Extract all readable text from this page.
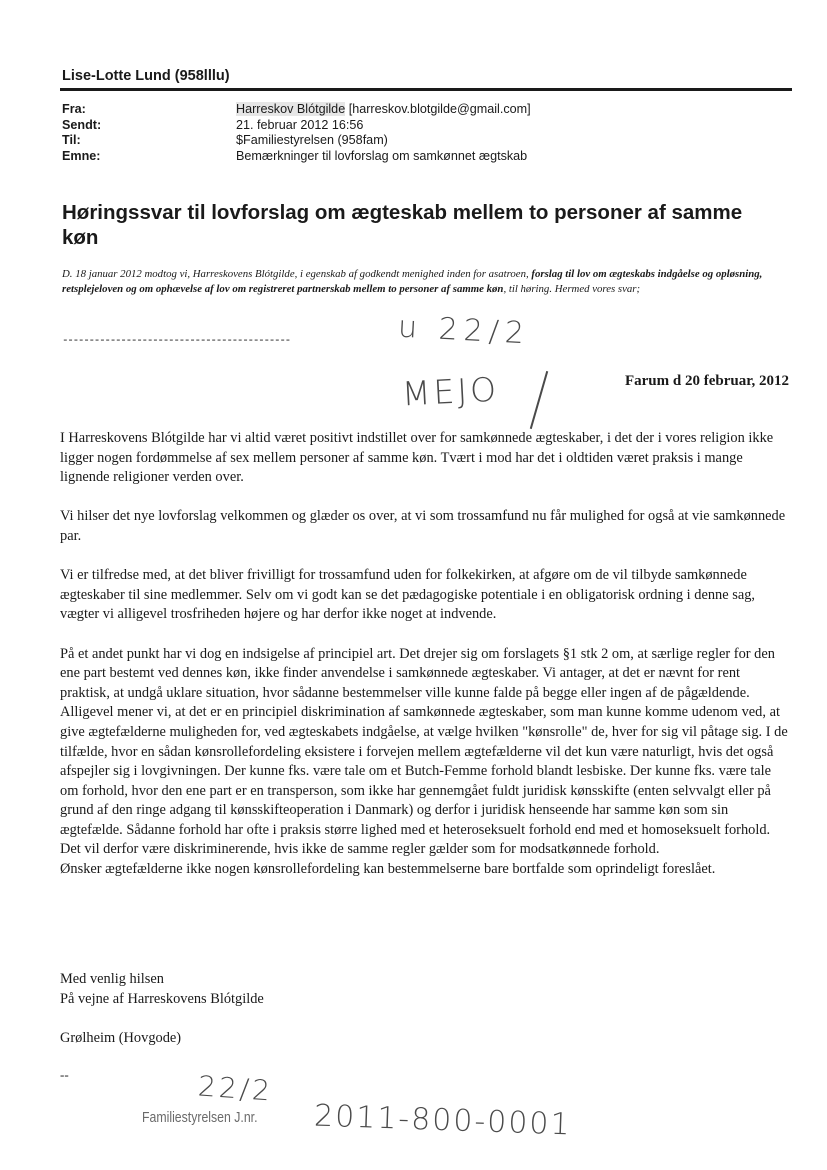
Lise-Lotte Lund (958lllu)
Fra:	Harreskov Blótgilde [harreskov.blotgilde@gmail.com]
Sendt:	21. februar 2012 16:56
Til:	$Familiestyrelsen (958fam)
Emne:	Bemærkninger til lovforslag om samkønnet ægtskab
Høringssvar til lovforslag om ægteskab mellem to personer af samme køn

D. 18 januar 2012 modtog vi, Harreskovens Blótgilde, i egenskab af godkendt menighed inden for asatroen, forslag til lov om ægteskabs indgåelse og opløsning, retsplejeloven og om ophævelse af lov om registreret partnerskab mellem to personer af samme køn, til høring. Hermed vores svar;

-------------------------------------------	u 22/2

MEJO	Farum d 20 februar, 2012

I Harreskovens Blótgilde har vi altid været positivt indstillet over for samkønnede ægteskaber, i det der i vores religion ikke ligger nogen fordømmelse af sex mellem personer af samme køn. Tvært i mod har det i oldtiden været praksis i mange lignende religioner verden over.

Vi hilser det nye lovforslag velkommen og glæder os over, at vi som trossamfund nu får mulighed for også at vie samkønnede par.

Vi er tilfredse med, at det bliver frivilligt for trossamfund uden for folkekirken, at afgøre om de vil tilbyde samkønnede ægteskaber til sine medlemmer. Selv om vi godt kan se det pædagogiske potentiale i en obligatorisk ordning i denne sag, vægter vi alligevel trosfriheden højere og har derfor ikke noget at indvende.

På et andet punkt har vi dog en indsigelse af principiel art. Det drejer sig om forslagets §1 stk 2 om, at særlige regler for den ene part bestemt ved dennes køn, ikke finder anvendelse i samkønnede ægteskaber. Vi antager, at det er nævnt for rent praktisk, at undgå uklare situation, hvor sådanne bestemmelser ville kunne falde på begge eller ingen af de pågældende. Alligevel mener vi, at det er en principiel diskrimination af samkønnede ægteskaber, som man kunne komme udenom ved, at give ægtefælderne muligheden for, ved ægteskabets indgåelse, at vælge hvilken "kønsrolle" de, hver for sig vil påtage sig. I de tilfælde, hvor en sådan kønsrollefordeling eksistere i forvejen mellem ægtefælderne vil det kun være naturligt, hvis det også afspejler sig i lovgivningen. Der kunne fks. være tale om et Butch-Femme forhold blandt lesbiske. Der kunne fks. være tale om forhold, hvor den ene part er en transperson, som ikke har gennemgået fuldt juridisk kønsskifte (enten selvvalgt eller på grund af den ringe adgang til kønsskifteoperation i Danmark) og derfor i juridisk henseende har samme køn som sin ægtefælde. Sådanne forhold har ofte i praksis større lighed med et heteroseksuelt forhold end med et homoseksuelt forhold. Det vil derfor være diskriminerende, hvis ikke de samme regler gælder som for modsatkønnede forhold.

Ønsker ægtefælderne ikke nogen kønsrollefordeling kan bestemmelserne bare bortfalde som oprindeligt foreslået.

Med venlig hilsen

På vejne af Harreskovens Blótgilde

Grølheim (Hovgode)

--	22/2

Familiestyrelsen J.nr. 2011-800-0001
